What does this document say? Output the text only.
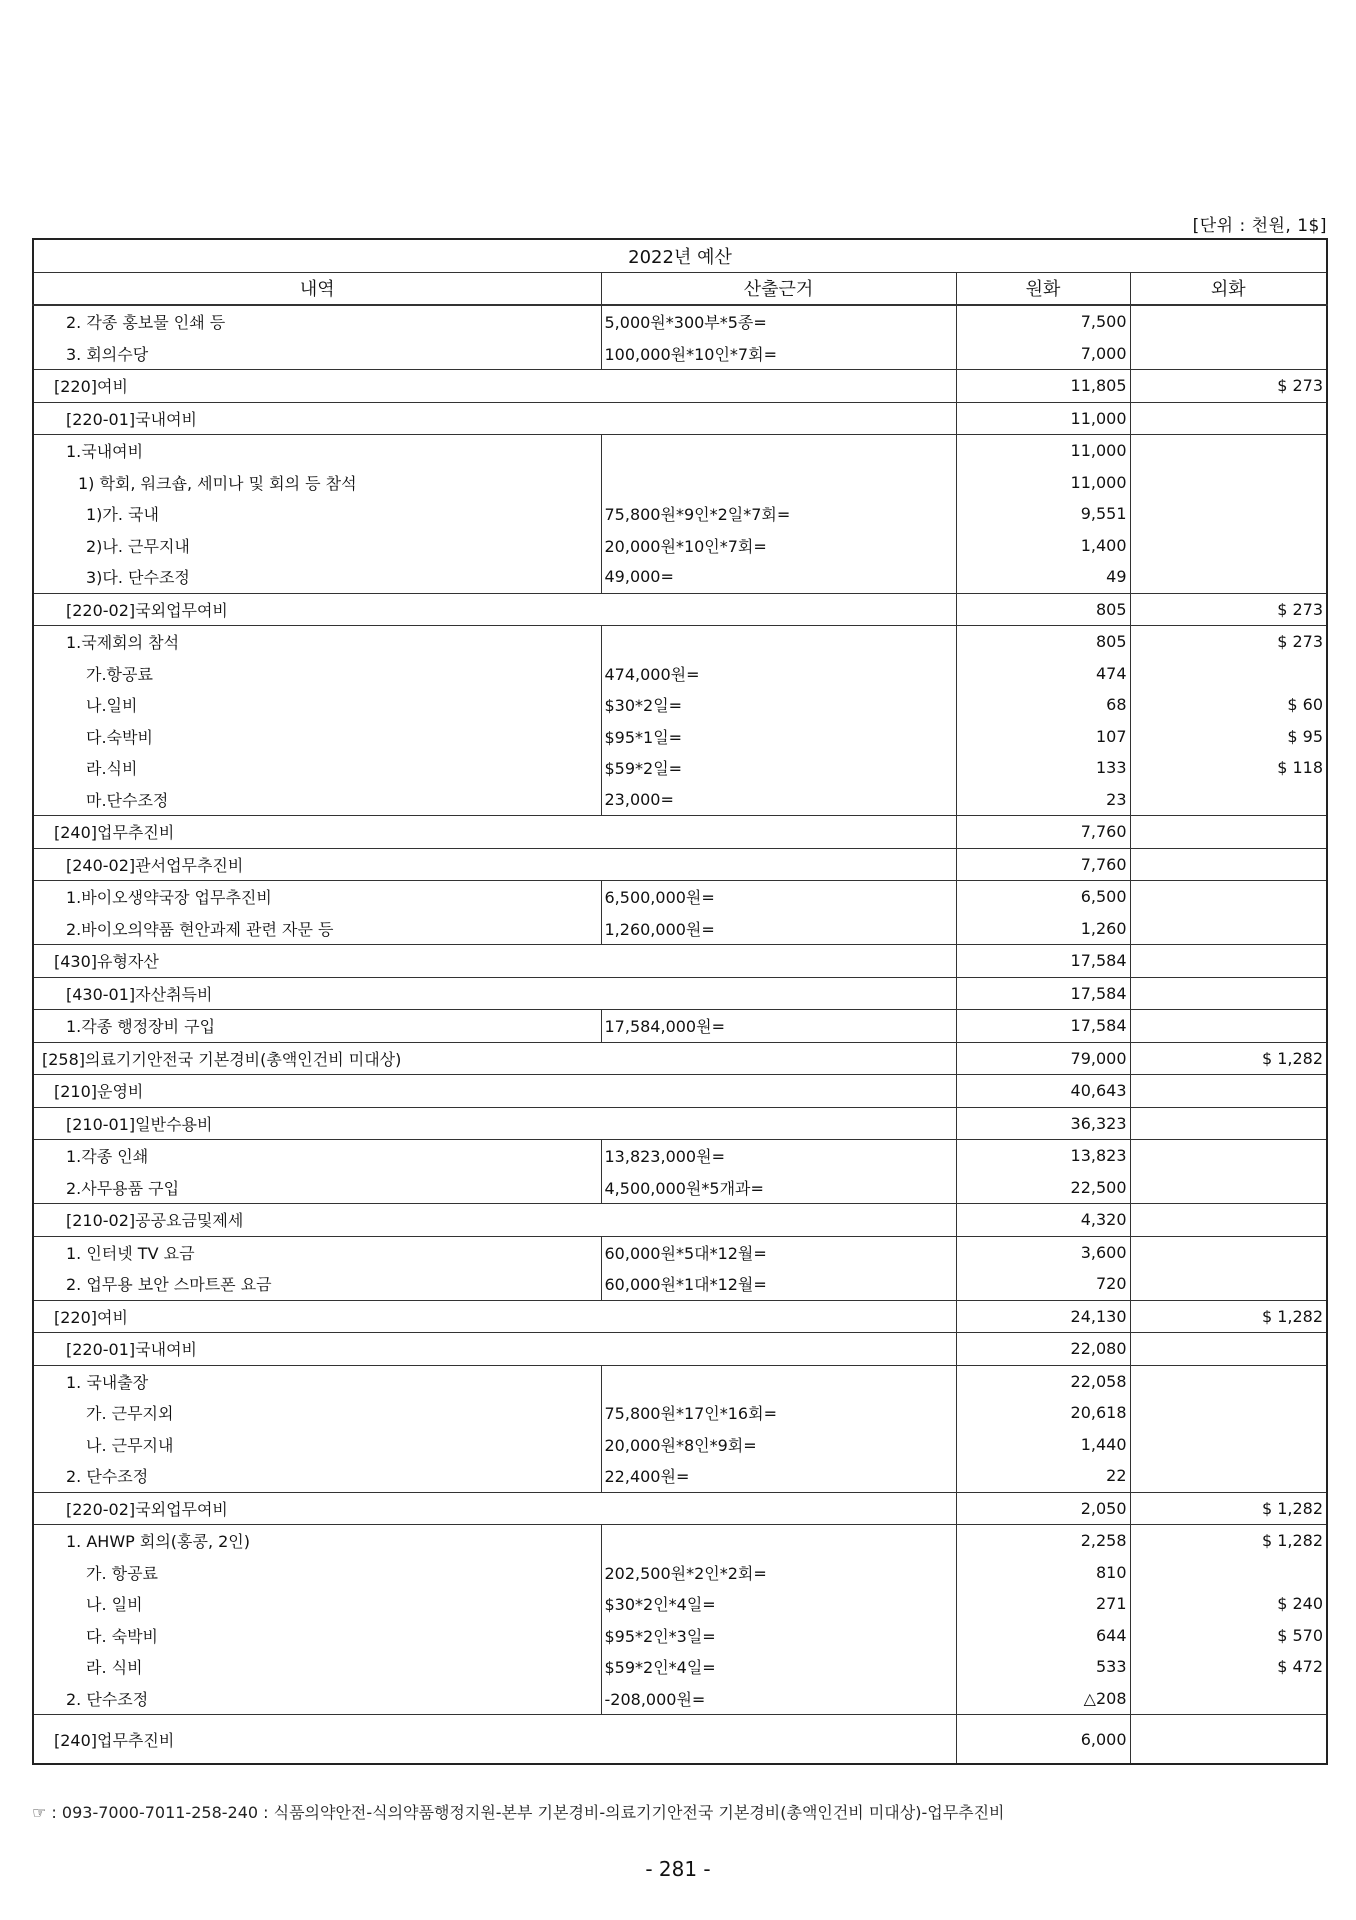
[단위 : 천원, 1$]
2022년 예산			
내역	산출근거	원화	외화
2. 각종 홍보물 인쇄 등	5,000원*300부*5종=	7,500	
3. 회의수당	100,000원*10인*7회=	7,000	
[220]여비		11,805	$ 273
[220-01]국내여비		11,000	
1.국내여비		11,000	
1) 학회, 워크숍, 세미나 및 회의 등 참석		11,000	
1)가. 국내	75,800원*9인*2일*7회=	9,551	
2)나. 근무지내	20,000원*10인*7회=	1,400	
3)다. 단수조정	49,000=	49	
[220-02]국외업무여비		805	$ 273
1.국제회의 참석		805	$ 273
가.항공료	474,000원=	474	
나.일비	$30*2일=	68	$ 60
다.숙박비	$95*1일=	107	$ 95
라.식비	$59*2일=	133	$ 118
마.단수조정	23,000=	23	
[240]업무추진비		7,760	
[240-02]관서업무추진비		7,760	
1.바이오생약국장 업무추진비	6,500,000원=	6,500	
2.바이오의약품 현안과제 관련 자문 등	1,260,000원=	1,260	
[430]유형자산		17,584	
[430-01]자산취득비		17,584	
1.각종 행정장비 구입	17,584,000원=	17,584	
[258]의료기기안전국 기본경비(총액인건비 미대상)		79,000	$ 1,282
[210]운영비		40,643	
[210-01]일반수용비		36,323	
1.각종 인쇄	13,823,000원=	13,823	
2.사무용품 구입	4,500,000원*5개과=	22,500	
[210-02]공공요금및제세		4,320	
1. 인터넷 TV 요금	60,000원*5대*12월=	3,600	
2. 업무용 보안 스마트폰 요금	60,000원*1대*12월=	720	
[220]여비		24,130	$ 1,282
[220-01]국내여비		22,080	
1. 국내출장		22,058	
가. 근무지외	75,800원*17인*16회=	20,618	
나. 근무지내	20,000원*8인*9회=	1,440	
2. 단수조정	22,400원=	22	
[220-02]국외업무여비		2,050	$ 1,282
1. AHWP 회의(홍콩, 2인)		2,258	$ 1,282
가. 항공료	202,500원*2인*2회=	810	
나. 일비	$30*2인*4일=	271	$ 240
다. 숙박비	$95*2인*3일=	644	$ 570
라. 식비	$59*2인*4일=	533	$ 472
2. 단수조정	-208,000원=	△208	
[240]업무추진비		6,000	
☞ : 093-7000-7011-258-240 : 식품의약안전-식의약품행정지원-본부 기본경비-의료기기안전국 기본경비(총액인건비 미대상)-업무추진비
- 281 -
